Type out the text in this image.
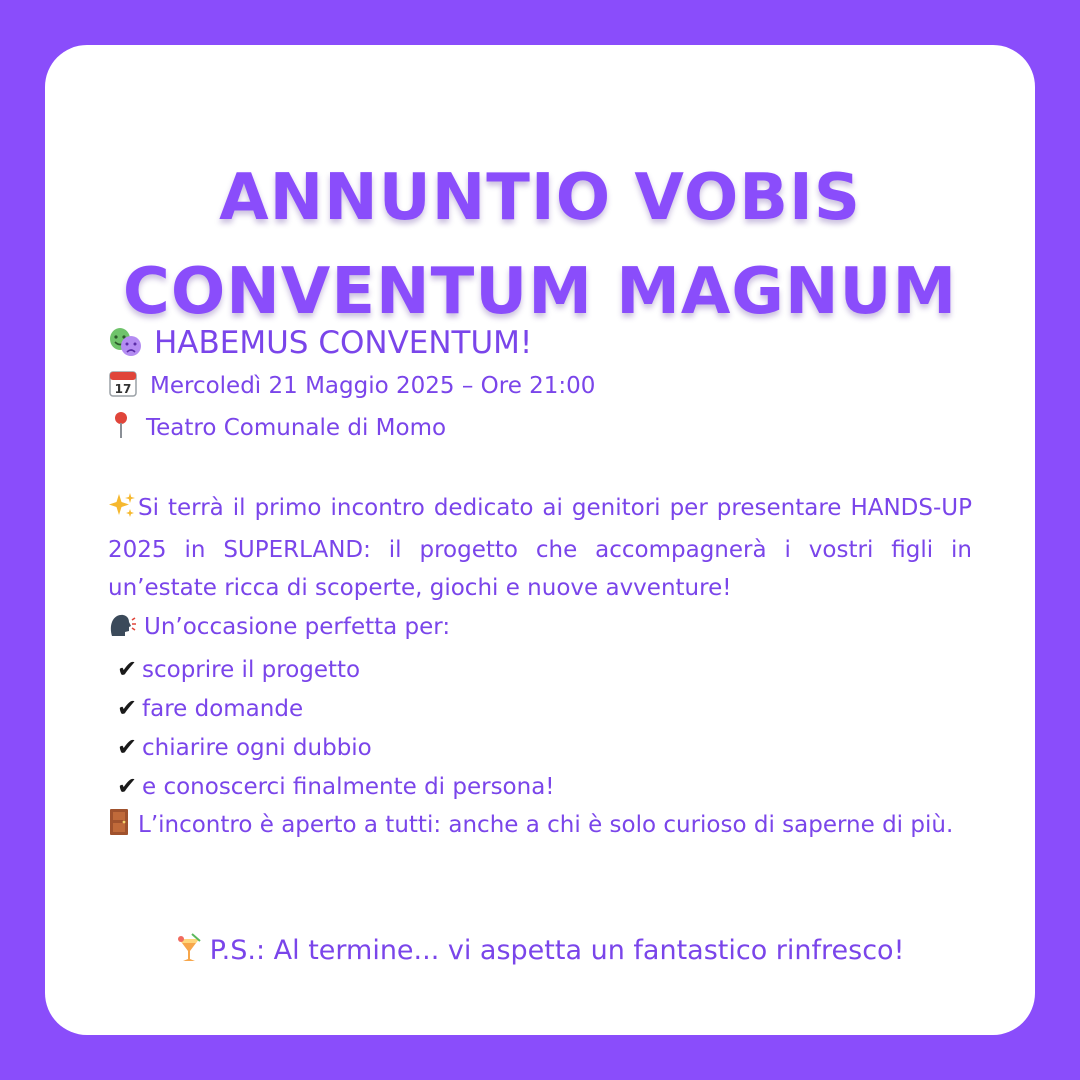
ANNUNTIO VOBIS
CONVENTUM MAGNUM
HABEMUS CONVENTUM!
17 Mercoledì 21 Maggio 2025 – Ore 21:00
Teatro Comunale di Momo
Si terrà il primo incontro dedicato ai genitori per presentare HANDS-UP 2025 in SUPERLAND: il progetto che accompagnerà i vostri figli in un’estate ricca di scoperte, giochi e nuove avventure!
Un’occasione perfetta per:
✔ scoprire il progetto
✔ fare domande
✔ chiarire ogni dubbio
✔ e conoscerci finalmente di persona!
L’incontro è aperto a tutti: anche a chi è solo curioso di saperne di più.
P.S.: Al termine... vi aspetta un fantastico rinfresco!
